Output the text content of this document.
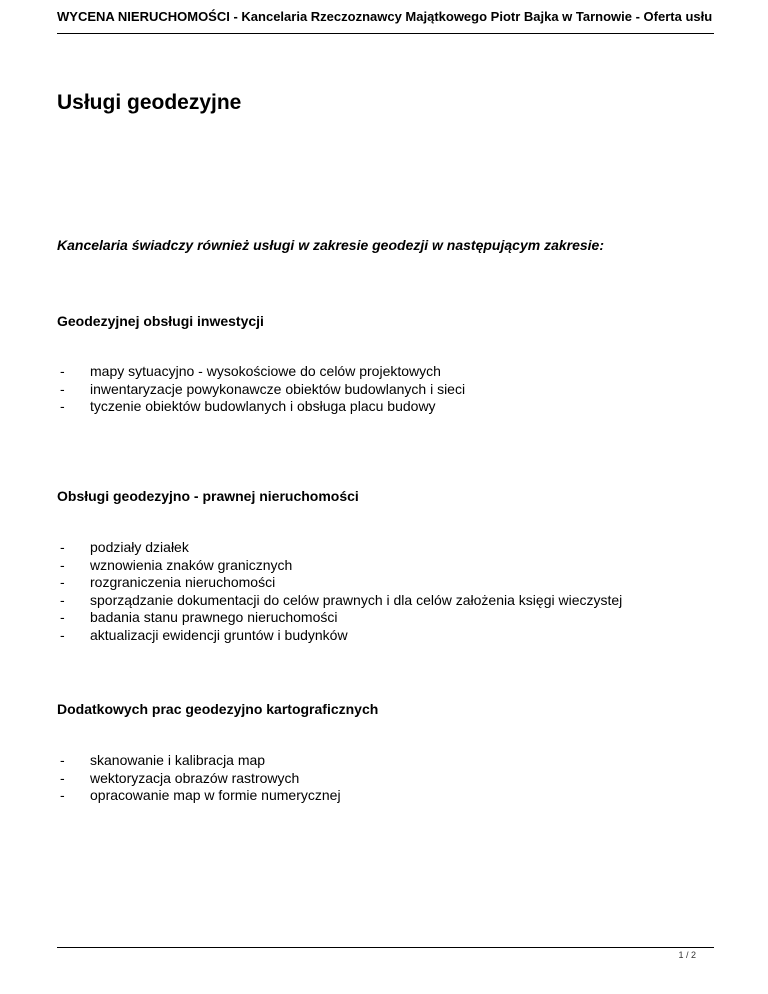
WYCENA NIERUCHOMOŚCI - Kancelaria Rzeczoznawcy Majątkowego Piotr Bajka w Tarnowie - Oferta usłu
Usługi geodezyjne
Kancelaria świadczy również usługi w zakresie geodezji w następującym zakresie:
Geodezyjnej obsługi inwestycji
- mapy sytuacyjno - wysokościowe do celów projektowych
- inwentaryzacje powykonawcze obiektów budowlanych i sieci
- tyczenie obiektów budowlanych i obsługa placu budowy
Obsługi geodezyjno - prawnej nieruchomości
- podziały działek
- wznowienia znaków granicznych
- rozgraniczenia nieruchomości
- sporządzanie dokumentacji do celów prawnych i dla celów założenia księgi wieczystej
- badania stanu prawnego nieruchomości
- aktualizacji ewidencji gruntów i budynków
Dodatkowych prac geodezyjno kartograficznych
- skanowanie i kalibracja map
- wektoryzacja obrazów rastrowych
- opracowanie map w formie numerycznej
1 / 2
